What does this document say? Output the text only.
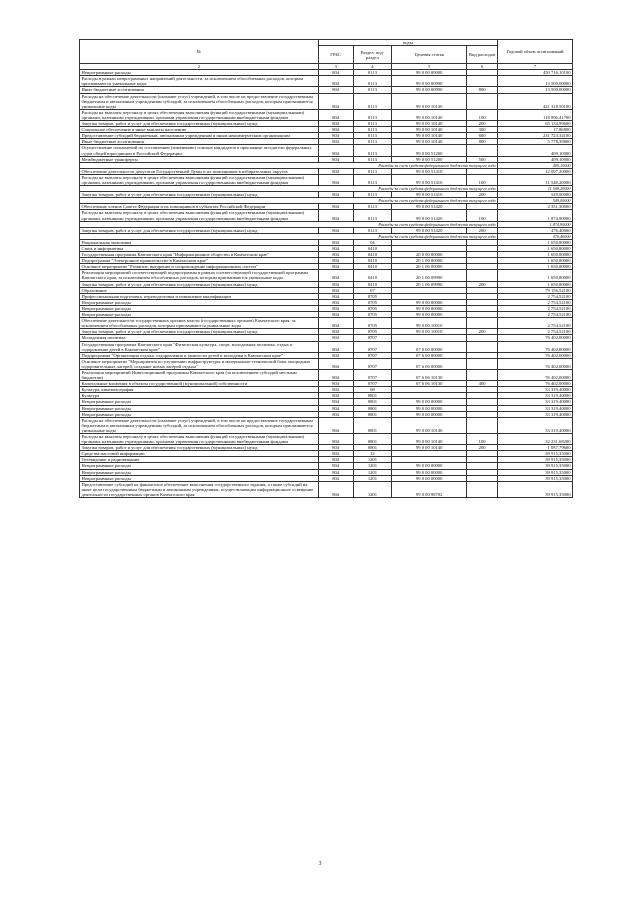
№	коды				Годовой объем ассигнований
	ГРБС	Раздел, под-раздел	Целевая статья	Вид расходов	
2	3	4	5	6	7
Непрограммные расходы	804	0113	99 0 00 00000		450 716,10100
Расходы в рамках непрограммных направлений деятельности, за исключением обособленных расходов, которым присваиваются уникальные коды	804	0113	99 0 00 00990		13 500,00000
Иные бюджетные ассигнования	804	0113	99 0 00 00990	800	13 500,00000
Расходы на обеспечение деятельности (оказание услуг) учреждений, в том числе на предоставление государственным бюджетным и автономным учреждениям субсидий, за исключением обособленных расходов, которым присваиваются уникальные коды	804	0113	99 0 00 10140		421 318,50100
Расходы на выплаты персоналу в целях обеспечения выполнения функций государственными (муниципальными) органами, казенными учреждениями, органами управления государственными внебюджетными фондами	804	0113	99 0 00 10140	100	118 896,41700
Закупка товаров, работ и услуг для обеспечения государственных (муниципальных) нужд	804	0113	99 0 00 10140	200	65 134,99600
Социальное обеспечение и иные выплаты населению	804	0113	99 0 00 10140	300	17,86800
Предоставление субсидий бюджетным, автономным учреждениям и иным некоммерческим организациям	804	0113	99 0 00 10140	600	231 723,34100
Иные бюджетные ассигнования	804	0113	99 0 00 10140	800	5 778,39800
Осуществление полномочий по составлению (изменению) списков кандидатов в присяжные заседатели федеральных судов общей юрисдикции в Российской Федерации	804	0113	99 0 00 51200		409,10000
Межбюджетные трансферты	804	0113	99 0 00 51200	500	409,10000
Расходы за счет средств федерального бюджета текущего года					409,10000
Обеспечение деятельности депутатов Государственной Думы и их помощников в избирательных округах	804	0113	99 0 00 51410		12 097,20000
Расходы на выплаты персоналу в целях обеспечения выполнения функций государственными (муниципальными) органами, казенными учреждениями, органами управления государственными внебюджетными фондами	804	0113	99 0 00 51410	100	11 548,20000
Расходы за счет средств федерального бюджета текущего года					11 548,20000
Закупка товаров, работ и услуг для обеспечения государственных (муниципальных) нужд	804	0113	99 0 00 51410	200	549,00000
Расходы за счет средств федерального бюджета текущего года					549,00000
Обеспечение членов Совета Федерации и их помощников в субъектах Российской Федерации	804	0113	99 0 00 51420		2 351,30000
Расходы на выплаты персоналу в целях обеспечения выполнения функций государственными (муниципальными) органами, казенными учреждениями, органами управления государственными внебюджетными фондами	804	0113	99 0 00 51420	100	1 874,90000
Расходы за счет средств федерального бюджета текущего года					1 874,90000
Закупка товаров, работ и услуг для обеспечения государственных (муниципальных) нужд	804	0113	99 0 00 51420	200	476,40000
Расходы за счет средств федерального бюджета текущего года					476,40000
Национальная экономика	804	04			1 650,80000
Связь и информатика	804	0410			1 650,80000
Государственная программа Камчатского края "Информационное общество в Камчатском крае"	804	0410	20 0 00 00000		1 650,80000
Подпрограмма "Электронное правительство в Камчатском крае"	804	0410	20 1 00 00000		1 650,80000
Основное мероприятие "Развитие, внедрение и сопровождение информационных систем"	804	0410	20 1 06 00000		1 650,80000
Реализация мероприятий соответствующей подпрограммы в рамках соответствующей государственной программы Камчатского края, за исключением обособленных расходов, которым присваиваются уникальные коды	804	0410	20 1 06 09990		1 650,80000
Закупка товаров, работ и услуг для обеспечения государственных (муниципальных) нужд	804	0410	20 1 06 09990	200	1 650,80000
Образование	804	07			79 156,52100
Профессиональная подготовка, переподготовка и повышение квалификации	804	0705			2 754,52100
Непрограммные расходы	804	0705	99 0 00 00000		2 754,52100
Непрограммные расходы	804	0705	99 0 00 00000		2 754,52100
Непрограммные расходы	804	0705	99 0 00 00000		2 754,52100
Обеспечение деятельности государственных органов власти (государственных органов) Камчатского края, за исключением обособленных расходов, которым присваиваются уникальные коды	804	0705	99 0 00 10010		2 754,52100
Закупка товаров, работ и услуг для обеспечения государственных (муниципальных) нужд	804	0705	99 0 00 10010	200	2 754,52100
Молодежная политика	804	0707			76 402,00000
Государственная программа Камчатского края "Физическая культура, спорт, молодежная политика, отдых и оздоровление детей в Камчатском крае"	804	0707	07 0 00 00000		76 402,00000
Подпрограмма "Организация отдыха, оздоровления и занятости детей и молодежи в Камчатском крае"	804	0707	07 6 00 00000		76 402,00000
Основное мероприятие "Мероприятия по улучшению инфраструктуры и материально-технической базы загородных оздоровительных лагерей, создание новых лагерей отдыха"	804	0707	07 6 06 00000		76 402,00000
Реализация мероприятий Инвестиционной программы Камчатского края (за исключением субсидий местным бюджетам)	804	0707	07 6 06 10130		76 402,00000
Капитальные вложения в объекты государственной (муниципальной) собственности	804	0707	07 6 06 10130	400	76 402,00000
Культура, кинематография	804	08			33 319,40000
Культура	804	0801			33 319,40000
Непрограммные расходы	804	0801	99 0 00 00000		33 319,40000
Непрограммные расходы	804	0801	99 0 00 00000		33 319,40000
Непрограммные расходы	804	0801	99 0 00 00000		33 319,40000
Расходы на обеспечение деятельности (оказание услуг) учреждений, в том числе на предоставление государственным бюджетным и автономным учреждениям субсидий, за исключением обособленных расходов, которым присваиваются уникальные коды	804	0801	99 0 00 10140		33 319,40000
Расходы на выплаты персоналу в целях обеспечения выполнения функций государственными (муниципальными) органами, казенными учреждениями, органами управления государственными внебюджетными фондами	804	0801	99 0 00 10140	100	32 231,68200
Закупка товаров, работ и услуг для обеспечения государственных (муниципальных) нужд	804	0801	99 0 00 10140	200	1 087,79600
Средства массовой информации	804	12			39 915,35000
Телевидение и радиовещание	804	1201			39 915,35000
Непрограммные расходы	804	1201	99 0 00 00000		39 915,35000
Непрограммные расходы	804	1201	99 0 00 00000		39 915,35000
Непрограммные расходы	804	1201	99 0 00 00000		39 915,35000
Предоставление субсидий на финансовое обеспечение выполнения государственного задания, а также субсидий на иные цели государственным бюджетным и автономным учреждениям, осуществляющим информационное освещение деятельности государственных органов Камчатского края	804	1201	99 0 00 98702		39 915,35000
3
